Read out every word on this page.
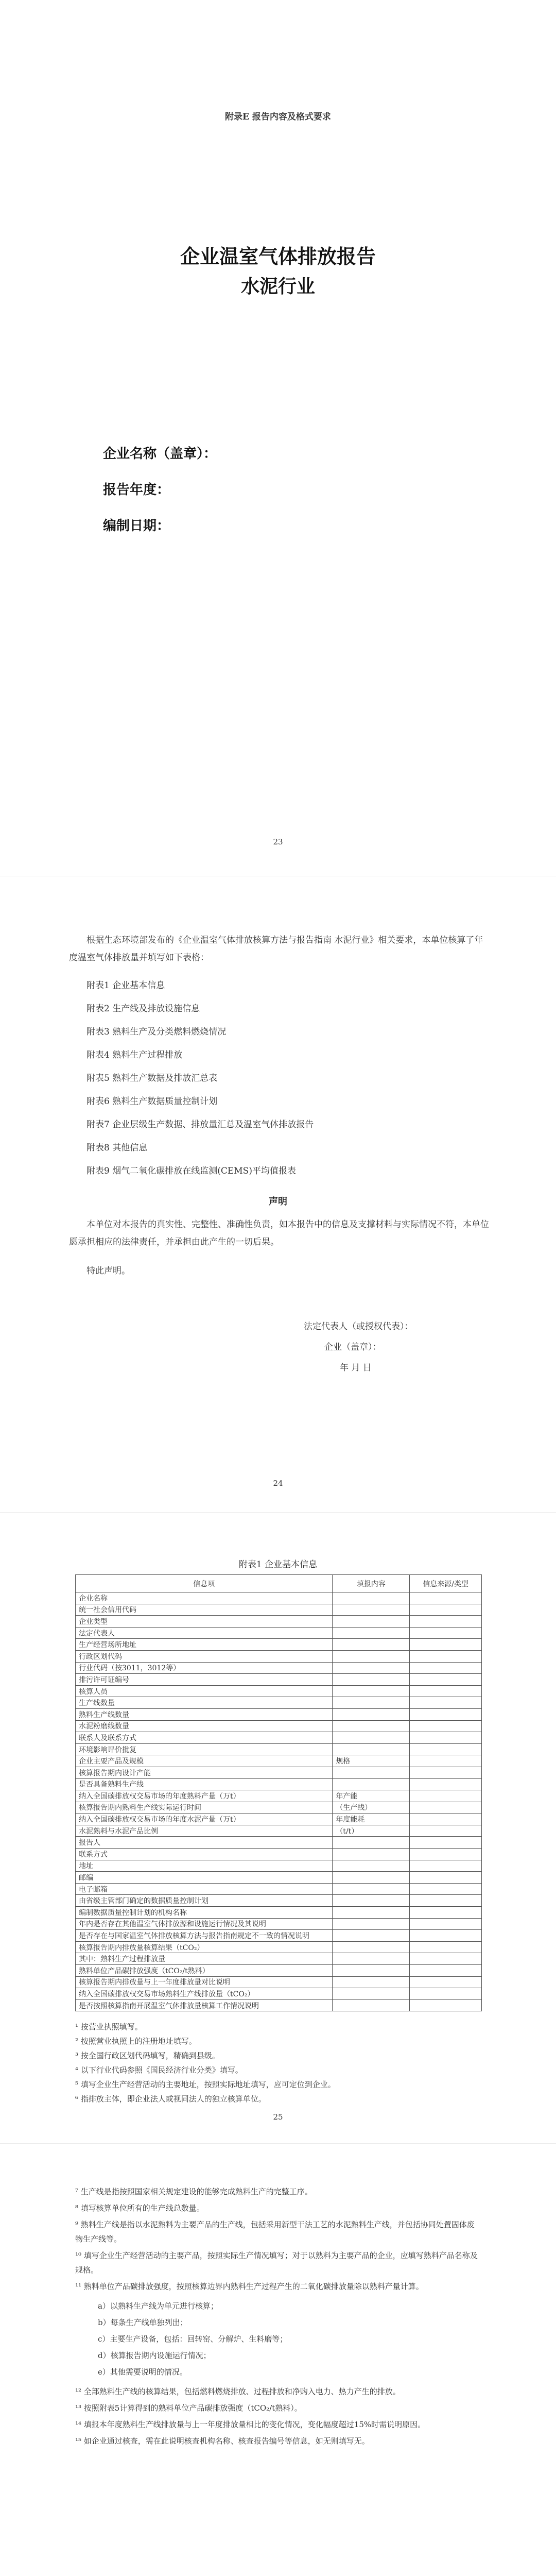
附录E 报告内容及格式要求
企业温室气体排放报告
水泥行业
企业名称（盖章）：
报告年度：
编制日期：
23
根据生态环境部发布的《企业温室气体排放核算方法与报告指南 水泥行业》相关要求，本单位核算了年度温室气体排放量并填写如下表格：
附表1 企业基本信息
附表2 生产线及排放设施信息
附表3 熟料生产及分类燃料燃烧情况
附表4 熟料生产过程排放
附表5 熟料生产数据及排放汇总表
附表6 熟料生产数据质量控制计划
附表7 企业层级生产数据、排放量汇总及温室气体排放报告
附表8 其他信息
附表9 烟气二氧化碳排放在线监测(CEMS)平均值报表
声明
本单位对本报告的真实性、完整性、准确性负责，如本报告中的信息及支撑材料与实际情况不符，本单位愿承担相应的法律责任，并承担由此产生的一切后果。
特此声明。
法定代表人（或授权代表）：
企业（盖章）：
年 月 日
24
附表1 企业基本信息
信息项	填报内容	信息来源/类型
企业名称		
统一社会信用代码		
企业类型		
法定代表人		
生产经营场所地址		
行政区划代码		
行业代码（按3011，3012等）		
排污许可证编号		
核算人员		
生产线数量		
熟料生产线数量		
水泥粉磨线数量		
联系人及联系方式		
环境影响评价批复		
企业主要产品及规模	规格	
核算报告期内设计产能		
是否具备熟料生产线		
纳入全国碳排放权交易市场的年度熟料产量（万t）	年产能	
核算报告期内熟料生产线实际运行时间	（生产线）	
纳入全国碳排放权交易市场的年度水泥产量（万t）	年度能耗	
水泥熟料与水泥产品比例	（t/t）	
报告人		
联系方式		
地址		
邮编		
电子邮箱		
由省级主管部门确定的数据质量控制计划		
编制数据质量控制计划的机构名称		
年内是否存在其他温室气体排放源和设施运行情况及其说明		
是否存在与国家温室气体排放核算方法与报告指南规定不一致的情况说明		
核算报告期内排放量核算结果（tCO₂）		
其中：熟料生产过程排放量		
熟料单位产品碳排放强度（tCO₂/t熟料）		
核算报告期内排放量与上一年度排放量对比说明		
纳入全国碳排放权交易市场熟料生产线排放量（tCO₂）		
是否按照核算指南开展温室气体排放量核算工作情况说明		
¹ 按营业执照填写。
² 按照营业执照上的注册地址填写。
³ 按全国行政区划代码填写，精确到县级。
⁴ 以下行业代码参照《国民经济行业分类》填写。
⁵ 填写企业生产经营活动的主要地址，按照实际地址填写，应可定位到企业。
⁶ 指排放主体，即企业法人或视同法人的独立核算单位。
25
⁷ 生产线是指按照国家相关规定建设的能够完成熟料生产的完整工序。
⁸ 填写核算单位所有的生产线总数量。
⁹ 熟料生产线是指以水泥熟料为主要产品的生产线，包括采用新型干法工艺的水泥熟料生产线，并包括协同处置固体废物生产线等。
¹⁰ 填写企业生产经营活动的主要产品，按照实际生产情况填写；对于以熟料为主要产品的企业，应填写熟料产品名称及规格。
¹¹ 熟料单位产品碳排放强度，按照核算边界内熟料生产过程产生的二氧化碳排放量除以熟料产量计算。
a）以熟料生产线为单元进行核算；
b）每条生产线单独列出；
c）主要生产设备，包括：回转窑、分解炉、生料磨等；
d）核算报告期内设施运行情况；
e）其他需要说明的情况。
¹² 全部熟料生产线的核算结果，包括燃料燃烧排放、过程排放和净购入电力、热力产生的排放。
¹³ 按照附表5计算得到的熟料单位产品碳排放强度（tCO₂/t熟料）。
¹⁴ 填报本年度熟料生产线排放量与上一年度排放量相比的变化情况，变化幅度超过15%时需说明原因。
¹⁵ 如企业通过核查，需在此说明核查机构名称、核查报告编号等信息，如无则填写无。
